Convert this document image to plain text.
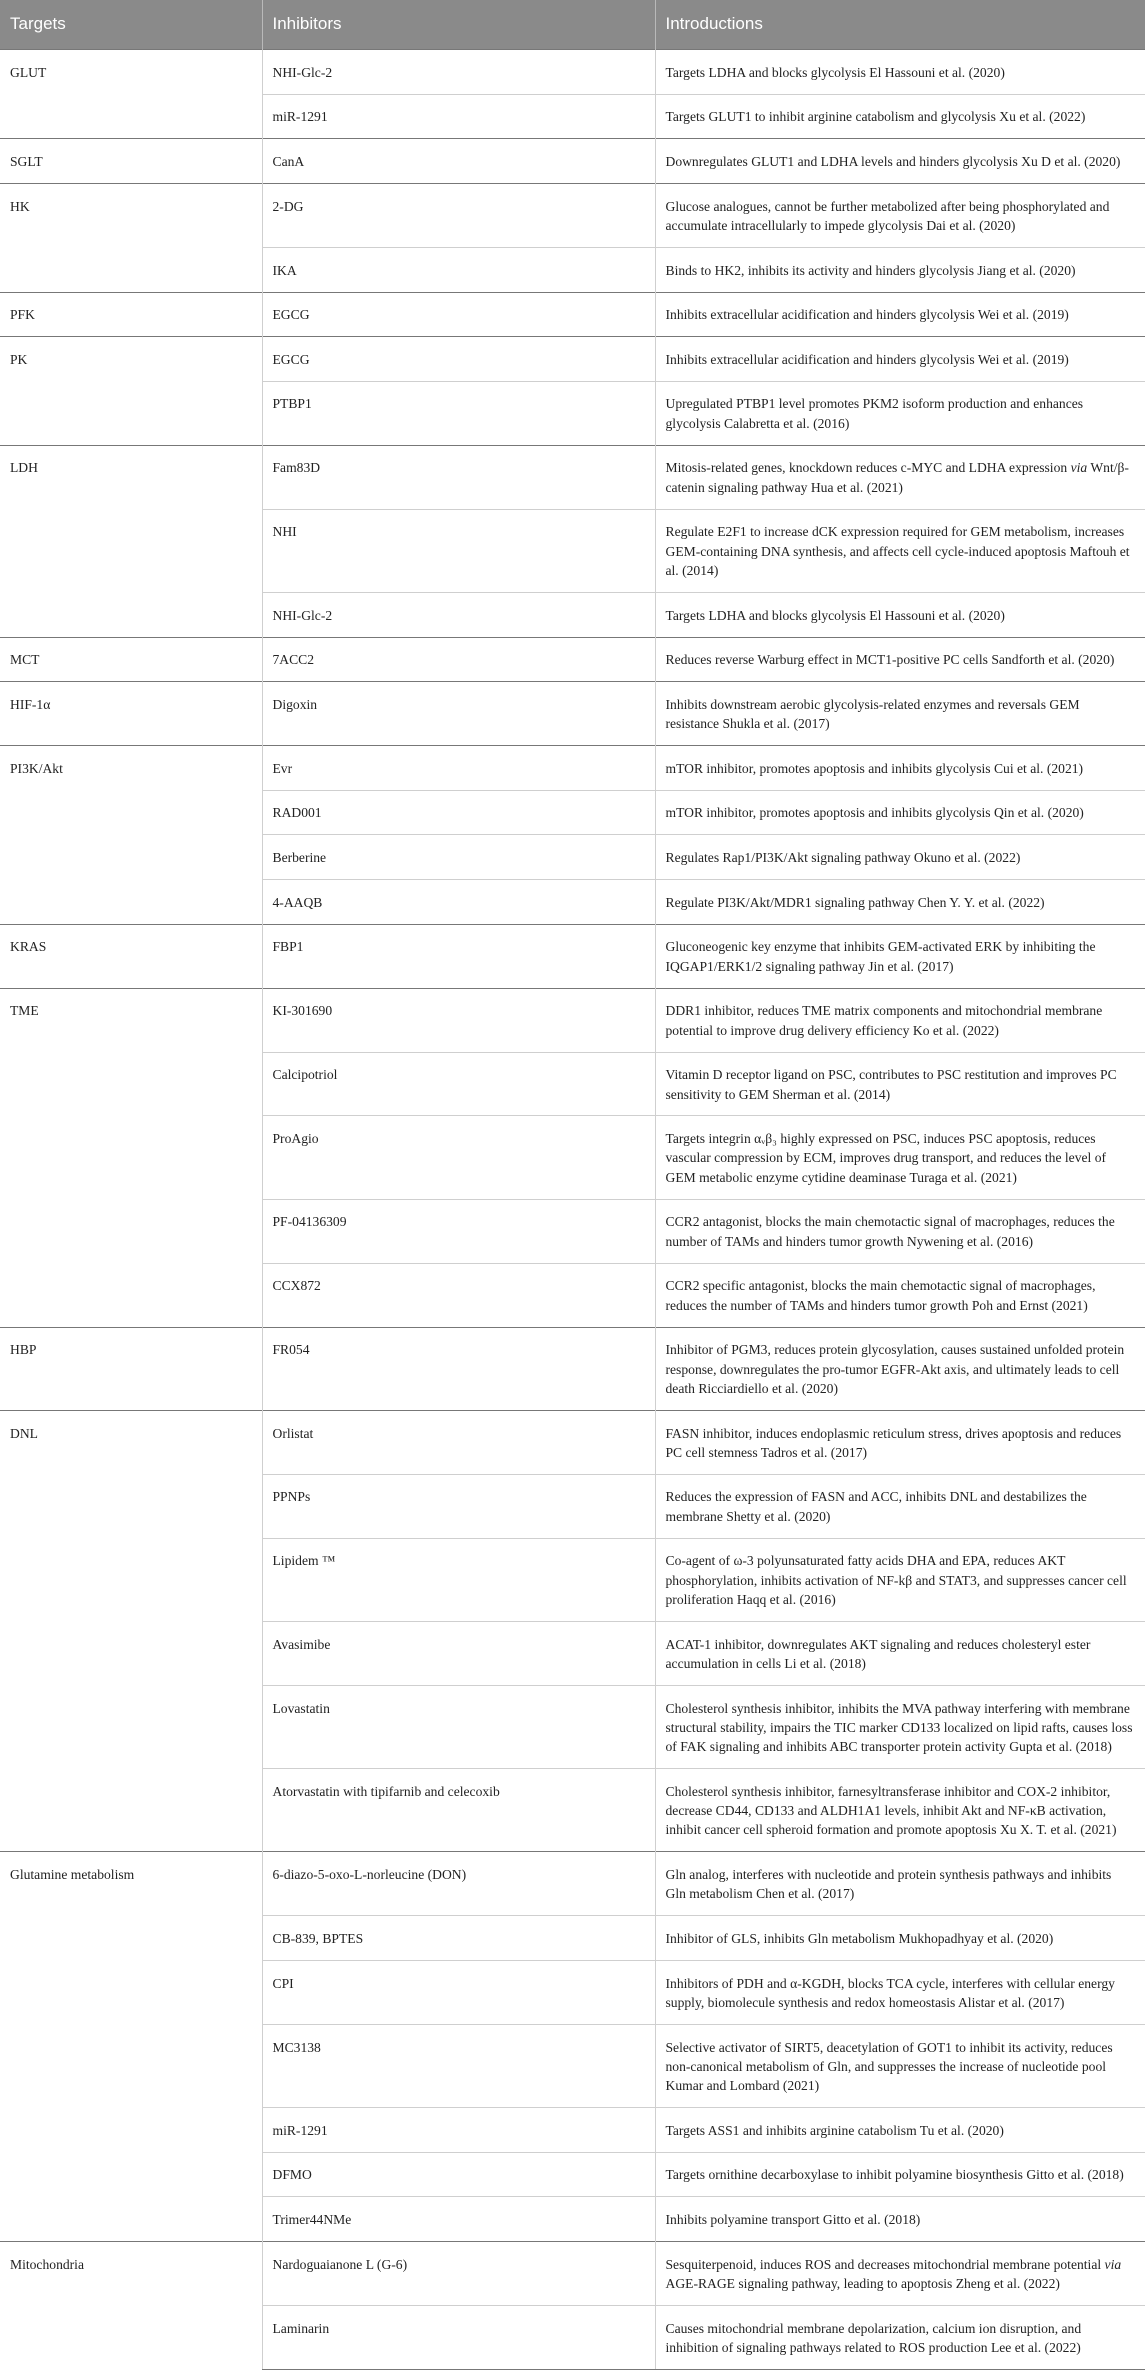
Targets	Inhibitors	Introductions
GLUT	NHI-Glc-2	Targets LDHA and blocks glycolysis El Hassouni et al. (2020)
	miR-1291	Targets GLUT1 to inhibit arginine catabolism and glycolysis Xu et al. (2022)
SGLT	CanA	Downregulates GLUT1 and LDHA levels and hinders glycolysis Xu D et al. (2020)
HK	2-DG	Glucose analogues, cannot be further metabolized after being phosphorylated and accumulate intracellularly to impede glycolysis Dai et al. (2020)
	IKA	Binds to HK2, inhibits its activity and hinders glycolysis Jiang et al. (2020)
PFK	EGCG	Inhibits extracellular acidification and hinders glycolysis Wei et al. (2019)
PK	EGCG	Inhibits extracellular acidification and hinders glycolysis Wei et al. (2019)
	PTBP1	Upregulated PTBP1 level promotes PKM2 isoform production and enhances glycolysis Calabretta et al. (2016)
LDH	Fam83D	Mitosis-related genes, knockdown reduces c-MYC and LDHA expression via Wnt/β-catenin signaling pathway Hua et al. (2021)
	NHI	Regulate E2F1 to increase dCK expression required for GEM metabolism, increases GEM-containing DNA synthesis, and affects cell cycle-induced apoptosis Maftouh et al. (2014)
	NHI-Glc-2	Targets LDHA and blocks glycolysis El Hassouni et al. (2020)
MCT	7ACC2	Reduces reverse Warburg effect in MCT1-positive PC cells Sandforth et al. (2020)
HIF-1α	Digoxin	Inhibits downstream aerobic glycolysis-related enzymes and reversals GEM resistance Shukla et al. (2017)
PI3K/Akt	Evr	mTOR inhibitor, promotes apoptosis and inhibits glycolysis Cui et al. (2021)
	RAD001	mTOR inhibitor, promotes apoptosis and inhibits glycolysis Qin et al. (2020)
	Berberine	Regulates Rap1/PI3K/Akt signaling pathway Okuno et al. (2022)
	4-AAQB	Regulate PI3K/Akt/MDR1 signaling pathway Chen Y. Y. et al. (2022)
KRAS	FBP1	Gluconeogenic key enzyme that inhibits GEM-activated ERK by inhibiting the IQGAP1/ERK1/2 signaling pathway Jin et al. (2017)
TME	KI-301690	DDR1 inhibitor, reduces TME matrix components and mitochondrial membrane potential to improve drug delivery efficiency Ko et al. (2022)
	Calcipotriol	Vitamin D receptor ligand on PSC, contributes to PSC restitution and improves PC sensitivity to GEM Sherman et al. (2014)
	ProAgio	Targets integrin αᵥβ₃ highly expressed on PSC, induces PSC apoptosis, reduces vascular compression by ECM, improves drug transport, and reduces the level of GEM metabolic enzyme cytidine deaminase Turaga et al. (2021)
	PF-04136309	CCR2 antagonist, blocks the main chemotactic signal of macrophages, reduces the number of TAMs and hinders tumor growth Nywening et al. (2016)
	CCX872	CCR2 specific antagonist, blocks the main chemotactic signal of macrophages, reduces the number of TAMs and hinders tumor growth Poh and Ernst (2021)
HBP	FR054	Inhibitor of PGM3, reduces protein glycosylation, causes sustained unfolded protein response, downregulates the pro-tumor EGFR-Akt axis, and ultimately leads to cell death Ricciardiello et al. (2020)
DNL	Orlistat	FASN inhibitor, induces endoplasmic reticulum stress, drives apoptosis and reduces PC cell stemness Tadros et al. (2017)
	PPNPs	Reduces the expression of FASN and ACC, inhibits DNL and destabilizes the membrane Shetty et al. (2020)
	Lipidem ™	Co-agent of ω-3 polyunsaturated fatty acids DHA and EPA, reduces AKT phosphorylation, inhibits activation of NF-kβ and STAT3, and suppresses cancer cell proliferation Haqq et al. (2016)
	Avasimibe	ACAT-1 inhibitor, downregulates AKT signaling and reduces cholesteryl ester accumulation in cells Li et al. (2018)
	Lovastatin	Cholesterol synthesis inhibitor, inhibits the MVA pathway interfering with membrane structural stability, impairs the TIC marker CD133 localized on lipid rafts, causes loss of FAK signaling and inhibits ABC transporter protein activity Gupta et al. (2018)
	Atorvastatin with tipifarnib and celecoxib	Cholesterol synthesis inhibitor, farnesyltransferase inhibitor and COX-2 inhibitor, decrease CD44, CD133 and ALDH1A1 levels, inhibit Akt and NF-κB activation, inhibit cancer cell spheroid formation and promote apoptosis Xu X. T. et al. (2021)
Glutamine metabolism	6-diazo-5-oxo-L-norleucine (DON)	Gln analog, interferes with nucleotide and protein synthesis pathways and inhibits Gln metabolism Chen et al. (2017)
	CB-839, BPTES	Inhibitor of GLS, inhibits Gln metabolism Mukhopadhyay et al. (2020)
	CPI	Inhibitors of PDH and α-KGDH, blocks TCA cycle, interferes with cellular energy supply, biomolecule synthesis and redox homeostasis Alistar et al. (2017)
	MC3138	Selective activator of SIRT5, deacetylation of GOT1 to inhibit its activity, reduces non-canonical metabolism of Gln, and suppresses the increase of nucleotide pool Kumar and Lombard (2021)
	miR-1291	Targets ASS1 and inhibits arginine catabolism Tu et al. (2020)
	DFMO	Targets ornithine decarboxylase to inhibit polyamine biosynthesis Gitto et al. (2018)
	Trimer44NMe	Inhibits polyamine transport Gitto et al. (2018)
Mitochondria	Nardoguaianone L (G-6)	Sesquiterpenoid, induces ROS and decreases mitochondrial membrane potential via AGE-RAGE signaling pathway, leading to apoptosis Zheng et al. (2022)
	Laminarin	Causes mitochondrial membrane depolarization, calcium ion disruption, and inhibition of signaling pathways related to ROS production Lee et al. (2022)
